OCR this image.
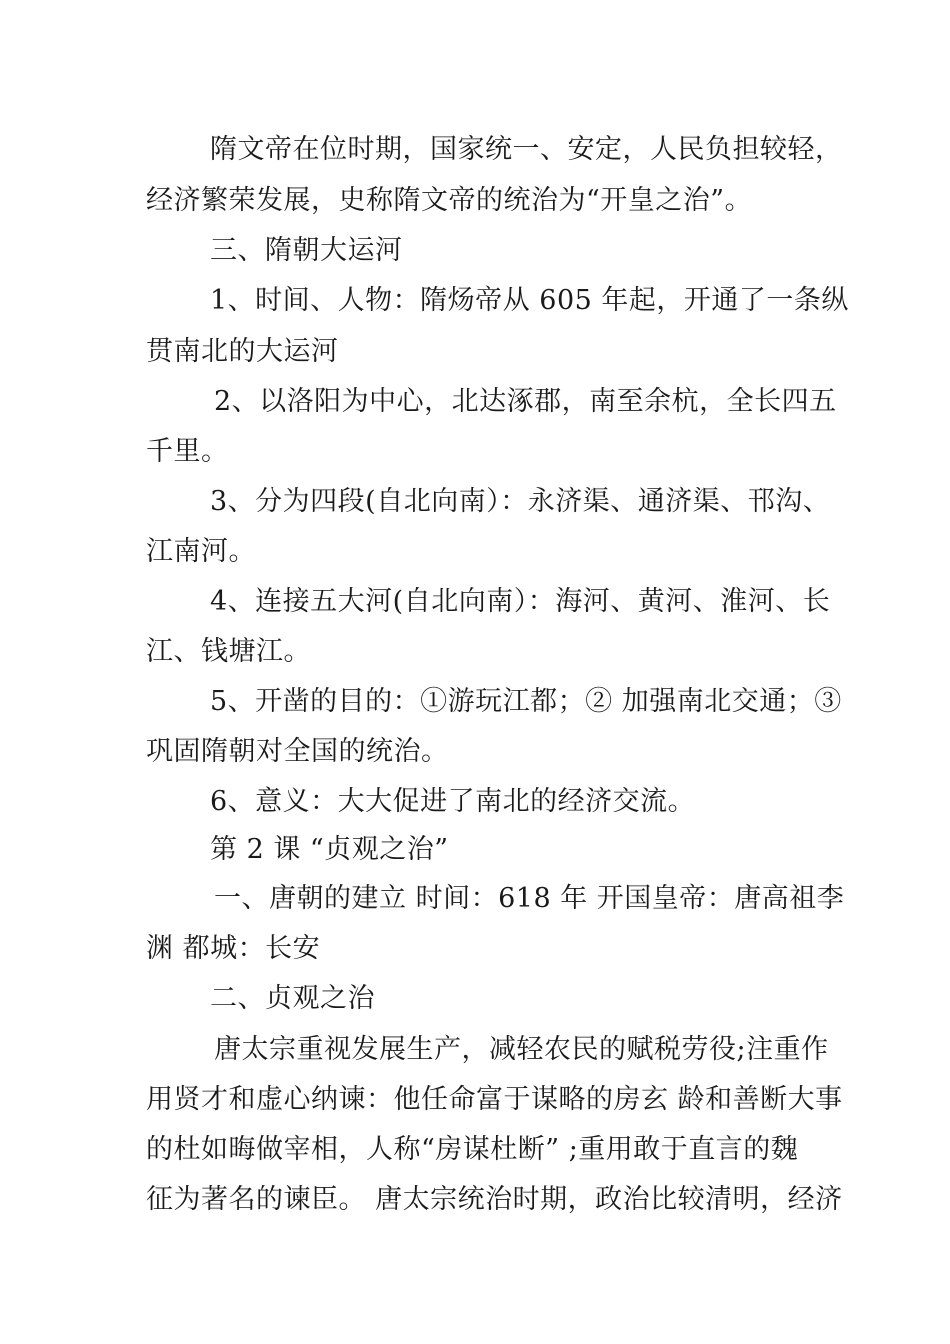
隋文帝在位时期，国家统一、安定，人民负担较轻，
经济繁荣发展，史称隋文帝的统治为“开皇之治”。
三、隋朝大运河
1、时间、人物：隋炀帝从 605 年起，开通了一条纵
贯南北的大运河
2、以洛阳为中心，北达涿郡，南至余杭，全长四五
千里。
3、分为四段(自北向南）：永济渠、通济渠、邗沟、
江南河。
4、连接五大河(自北向南）：海河、黄河、淮河、长
江、钱塘江。
5、开凿的目的：①游玩江都；② 加强南北交通；③
巩固隋朝对全国的统治。
6、意义：大大促进了南北的经济交流。
第 2 课 “贞观之治”
一、唐朝的建立 时间：618 年 开国皇帝：唐高祖李
渊 都城：长安
二、贞观之治
唐太宗重视发展生产，减轻农民的赋税劳役;注重作
用贤才和虚心纳谏：他任命富于谋略的房玄 龄和善断大事
的杜如晦做宰相，人称“房谋杜断” ;重用敢于直言的魏
征为著名的谏臣。 唐太宗统治时期，政治比较清明，经济
